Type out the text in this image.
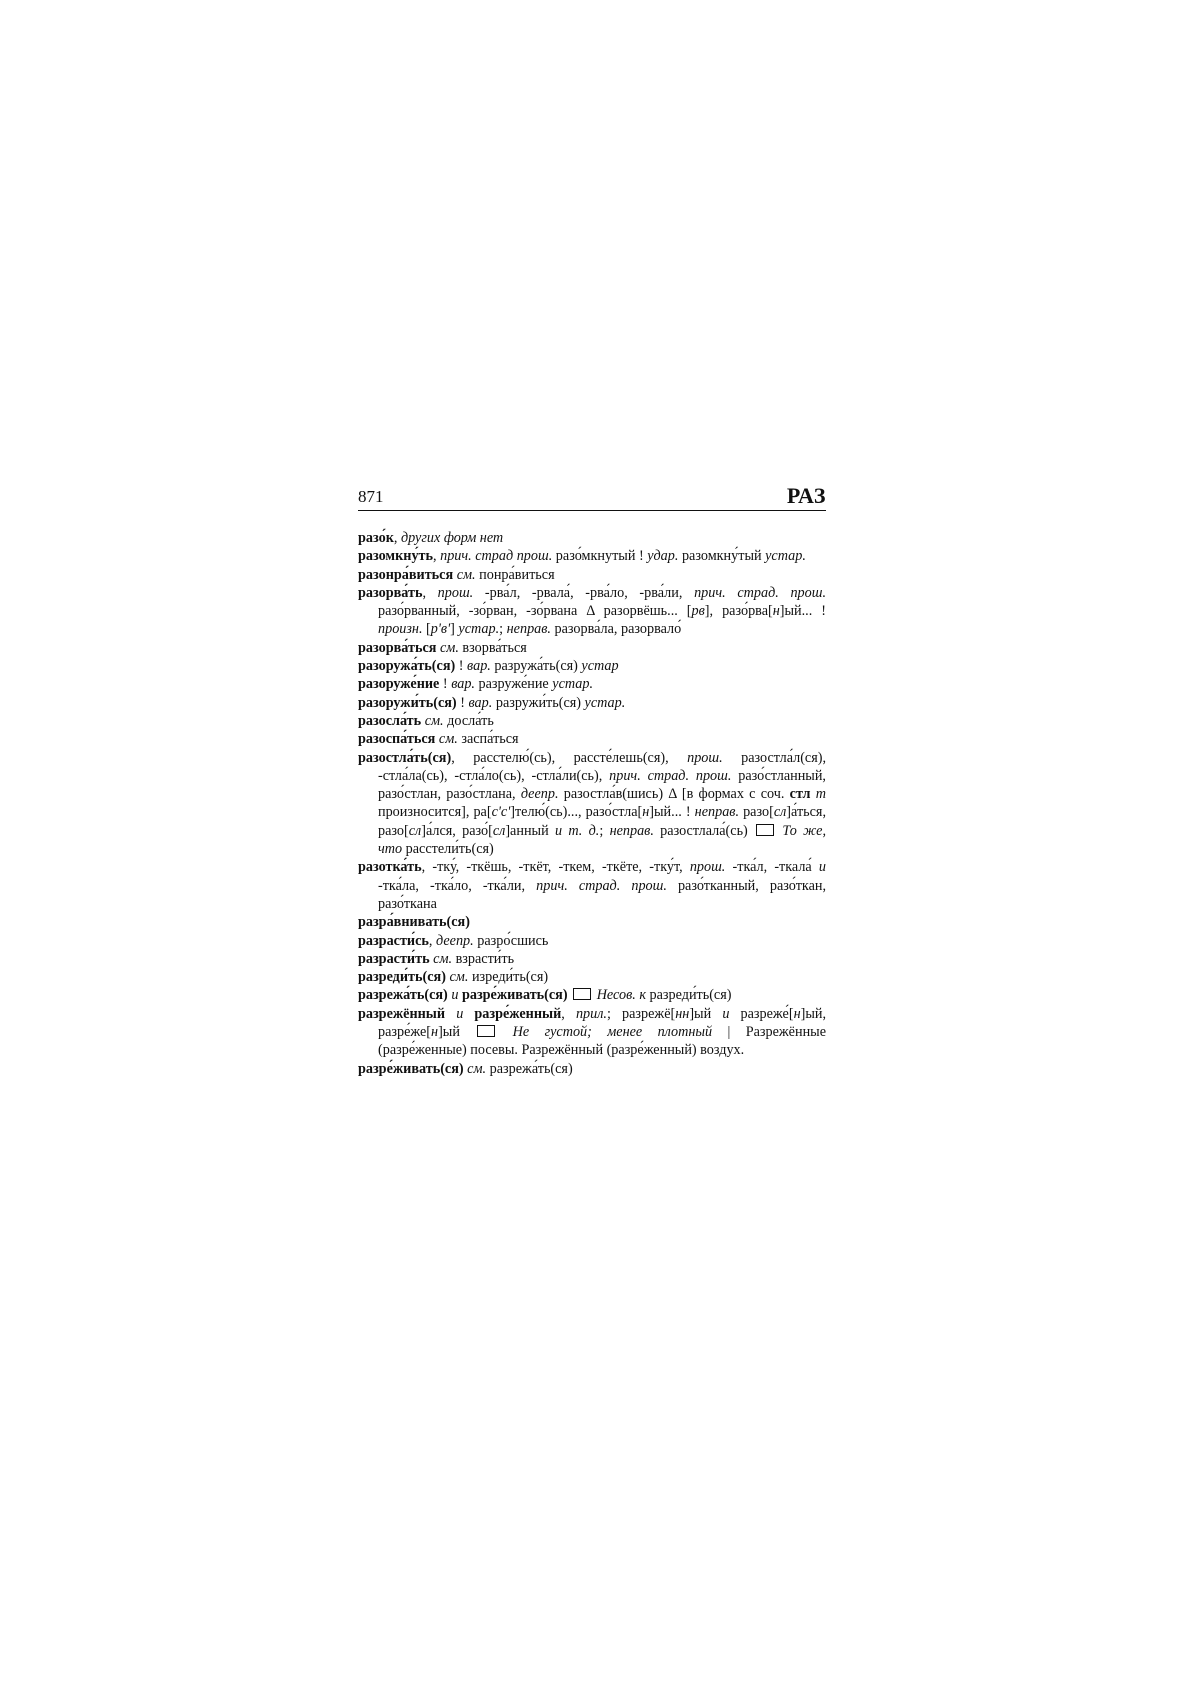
871	РАЗ
разо́к, других форм нет
разомкну́ть, прич. страд прош. разо́мкнутый ! удар. разомкну́тый устар.
разонра́виться см. понра́виться
разорва́ть, прош. -рва́л, -рвала́, -рва́ло, -рва́ли, прич. страд. прош. разо́рванный, -зо́рван, -зо́рвана Δ разорвёшь... [рв], разо́рва[н]ый... ! произн. [р'в'] устар.; неправ. разорва́ла, разорвало́
разорва́ться см. взорва́ться
разоружа́ть(ся) ! вар. разружа́ть(ся) устар
разоруже́ние ! вар. разруже́ние устар.
разоружи́ть(ся) ! вар. разружи́ть(ся) устар.
разосла́ть см. досла́ть
разоспа́ться см. заспа́ться
разостла́ть(ся), расстелю́(сь), рассте́лешь(ся), прош. разостла́л(ся), -стла́ла(сь), -стла́ло(сь), -стла́ли(сь), прич. страд. прош. разо́стланный, разо́стлан, разо́стлана, деепр. разостла́в(шись) Δ [в формах с соч. стл т произносится], ра[с'с']телю́(сь)..., разо́стла[н]ый... ! неправ. разо[сл]а́ться, разо[сл]а́лся, разо́[сл]анный и т. д.; неправ. разостлала́(сь)  То же, что расстели́ть(ся)
разотка́ть, -тку́, -ткёшь, -ткёт, -ткем, -ткёте, -тку́т, прош. -тка́л, -ткала́ и -тка́ла, -тка́ло, -тка́ли, прич. страд. прош. разо́тканный, разо́ткан, разо́ткана
разра́внивать(ся)
разрасти́сь, деепр. разро́сшись
разрасти́ть см. взрасти́ть
разреди́ть(ся) см. изреди́ть(ся)
разрежа́ть(ся) и разре́живать(ся) Несов. к разреди́ть(ся)
разрежённый и разре́женный, прил.; разрежё[нн]ый и разреже́[н]ый, разре́же[н]ый	Не густой; менее плотный | Разрежённые (разре́женные) посевы. Разрежённый (разре́женный) воздух.
разре́живать(ся) см. разрежа́ть(ся)
